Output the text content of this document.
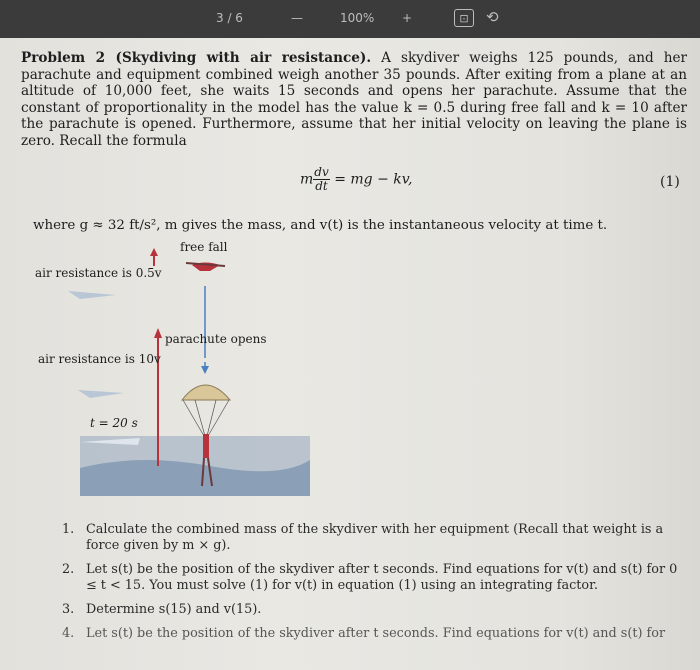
3 / 6	—	100% +	⊡	⟲
Problem 2 (Skydiving with air resistance). A skydiver weighs 125 pounds, and her parachute and equipment combined weigh another 35 pounds. After exiting from a plane at an altitude of 10,000 feet, she waits 15 seconds and opens her parachute. Assume that the constant of proportionality in the model has the value k = 0.5 during free fall and k = 10 after the parachute is opened. Furthermore, assume that her initial velocity on leaving the plane is zero. Recall the formula
m $\frac{dv}{dt}$ = mg − kv,	(1)
where g ≈ 32 ft/s², m gives the mass, and v(t) is the instantaneous velocity at time t.
free fall
air resistance is 0.5v
parachute opens
air resistance is 10v
t = 20 s
1. Calculate the combined mass of the skydiver with her equipment (Recall that weight is a force given by m × g).
2. Let s(t) be the position of the skydiver after t seconds. Find equations for v(t) and s(t) for 0 ≤ t < 15. You must solve (1) for v(t) in equation (1) using an integrating factor.
3. Determine s(15) and v(15).
4. Let s(t) be the position of the skydiver after t seconds. Find equations for v(t) and s(t) for
